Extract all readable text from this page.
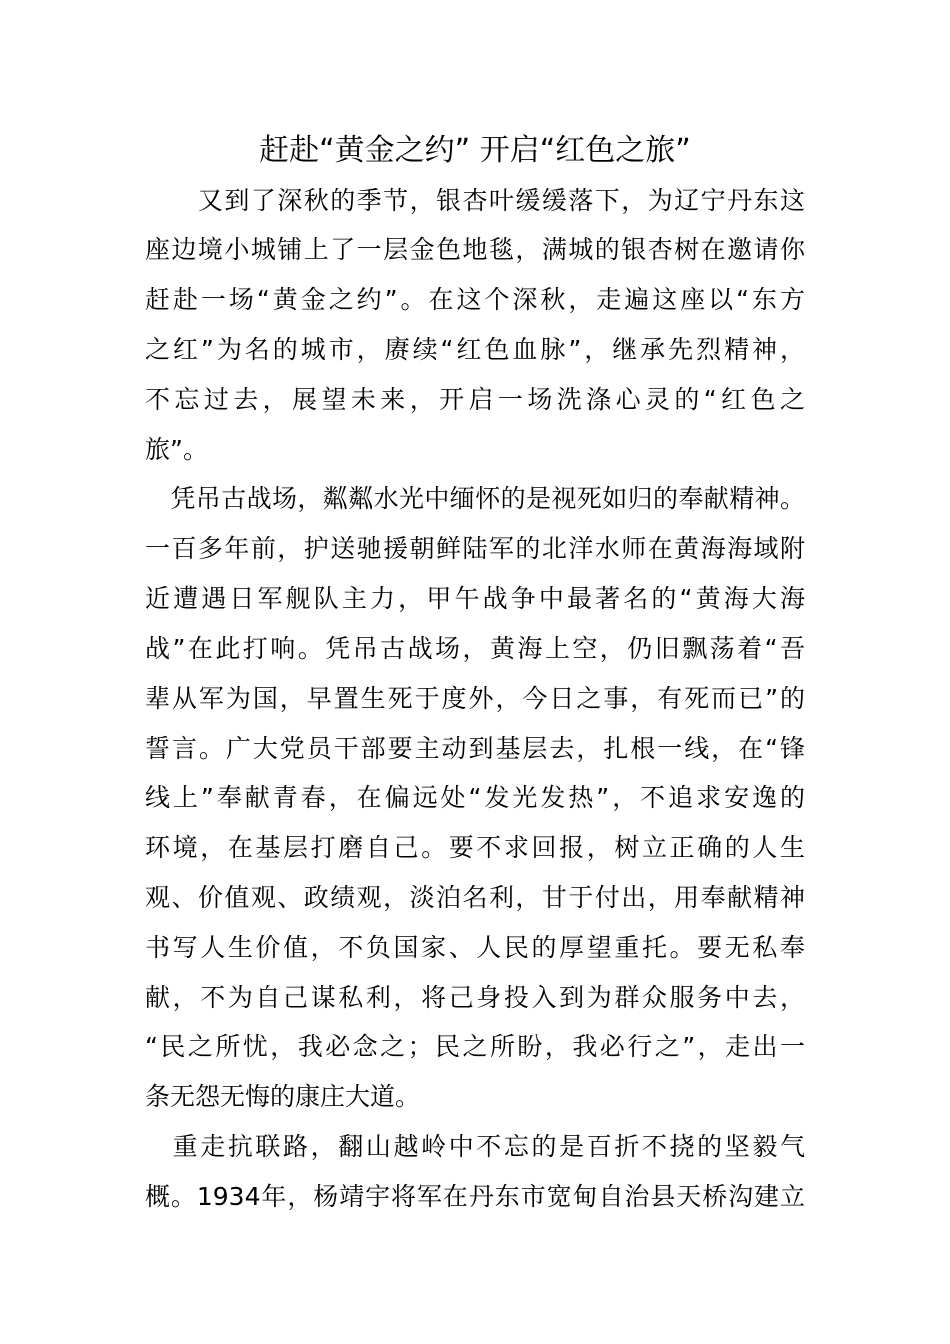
赶赴“黄金之约” 开启“红色之旅”
　　又到了深秋的季节，银杏叶缓缓落下，为辽宁丹东这
座边境小城铺上了一层金色地毯，满城的银杏树在邀请你
赶赴一场“黄金之约”。在这个深秋，走遍这座以“东方
之红”为名的城市，赓续“红色血脉”，继承先烈精神，
不忘过去，展望未来，开启一场洗涤心灵的“红色之
旅”。
　凭吊古战场，粼粼水光中缅怀的是视死如归的奉献精神。
一百多年前，护送驰援朝鲜陆军的北洋水师在黄海海域附
近遭遇日军舰队主力，甲午战争中最著名的“黄海大海
战”在此打响。凭吊古战场，黄海上空，仍旧飘荡着“吾
辈从军为国，早置生死于度外，今日之事，有死而已”的
誓言。广大党员干部要主动到基层去，扎根一线，在“锋
线上”奉献青春，在偏远处“发光发热”，不追求安逸的
环境，在基层打磨自己。要不求回报，树立正确的人生
观、价值观、政绩观，淡泊名利，甘于付出，用奉献精神
书写人生价值，不负国家、人民的厚望重托。要无私奉
献，不为自己谋私利，将己身投入到为群众服务中去，
“民之所忧，我必念之；民之所盼，我必行之”，走出一
条无怨无悔的康庄大道。
　重走抗联路，翻山越岭中不忘的是百折不挠的坚毅气
概。1934年，杨靖宇将军在丹东市宽甸自治县天桥沟建立
